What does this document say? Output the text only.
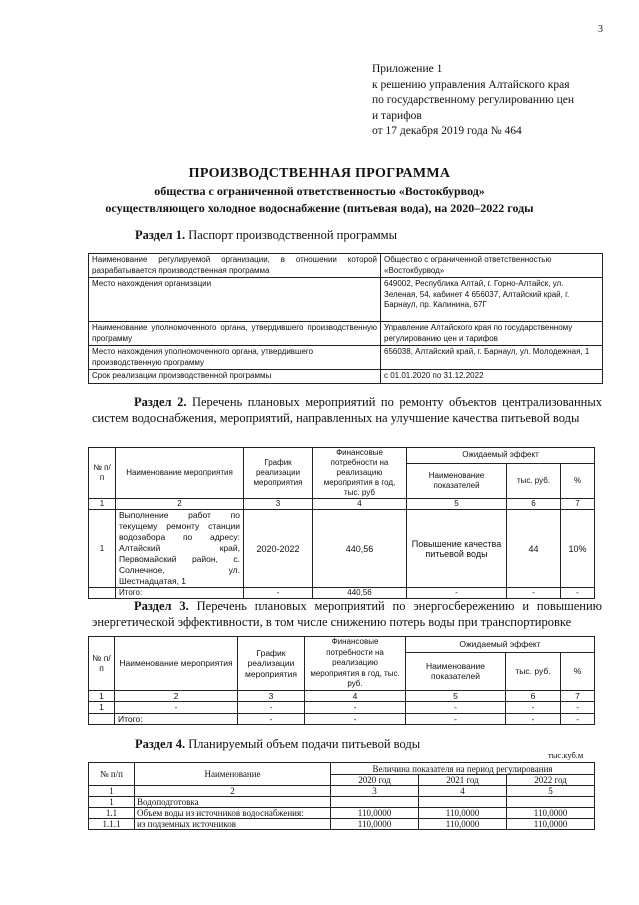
3
Приложение 1
к решению управления Алтайского края
по государственному регулированию цен
и тарифов
от 17 декабря 2019 года № 464
ПРОИЗВОДСТВЕННАЯ ПРОГРАММА
общества с ограниченной ответственностью «Востокбурвод»
осуществляющего холодное водоснабжение (питьевая вода), на 2020–2022 годы
Раздел 1. Паспорт производственной программы
Наименование регулируемой организации, в отношении которой разрабатывается производственная программа	Общество с ограниченной ответственностью «Востокбурвод»
Место нахождения организации	649002, Республика Алтай, г. Горно-Алтайск, ул. Зеленая, 54, кабинет 4 656037, Алтайский край, г. Барнаул, пр. Калинина, 67Г
Наименование уполномоченного органа, утвердившего производственную программу	Управление Алтайского края по государственному регулированию цен и тарифов
Место нахождения уполномоченного органа, утвердившего производственную программу	656038, Алтайский край, г. Барнаул, ул. Молодежная, 1
Срок реализации производственной программы	с 01.01.2020 по 31.12.2022
Раздел 2. Перечень плановых мероприятий по ремонту объектов централизованных систем водоснабжения, мероприятий, направленных на улучшение качества питьевой воды
№ п/п	Наименование мероприятия	График реализации мероприятия	Финансовые потребности на реализацию мероприятия в год, тыс. руб	Ожидаемый эффект		
				Наименование показателей	тыс. руб.	%
1	2	3	4	5	6	7
1	Выполнение работ по текущему ремонту станции водозабора по адресу: Алтайский край, Первомайский район, с. Солнечное, ул. Шестнадцатая, 1	2020-2022	440,56	Повышение качества питьевой воды	44	10%
	Итого:	-	440,56	-	-	-
Раздел 3. Перечень плановых мероприятий по энергосбережению и повышению энергетической эффективности, в том числе снижению потерь воды при транспортировке
№ п/п	Наименование мероприятия	График реализации мероприятия	Финансовые потребности на реализацию мероприятия в год, тыс. руб.	Ожидаемый эффект		
				Наименование показателей	тыс. руб.	%
1	2	3	4	5	6	7
1	-	-	-	-	-	-
	Итого:	-	-	-	-	-
Раздел 4. Планируемый объем подачи питьевой воды
тыс.куб.м
№ п/п	Наименование	Величина показателя на период регулирования		
		2020 год	2021 год	2022 год
1	2	3	4	5
1	Водоподготовка			
1.1	Объем воды из источников водоснабжения:	110,0000	110,0000	110,0000
1.1.1	из подземных источников	110,0000	110,0000	110,0000
